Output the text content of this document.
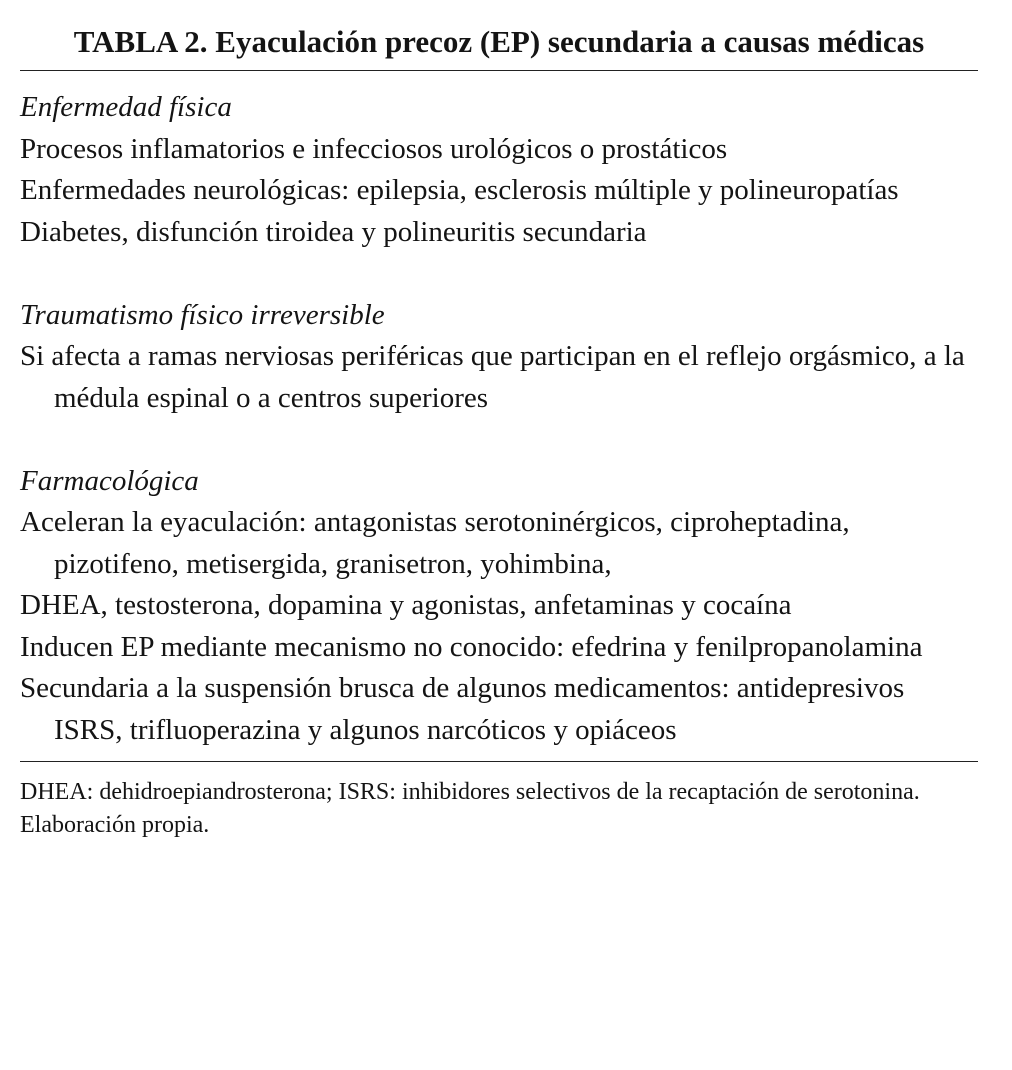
TABLA 2. Eyaculación precoz (EP) secundaria a causas médicas

Enfermedad física

Procesos inflamatorios e infecciosos urológicos o prostáticos

Enfermedades neurológicas: epilepsia, esclerosis múltiple y polineuropatías

Diabetes, disfunción tiroidea y polineuritis secundaria

Traumatismo físico irreversible

Si afecta a ramas nerviosas periféricas que participan en el reflejo orgásmico, a la médula espinal o a centros superiores

Farmacológica

Aceleran la eyaculación: antagonistas serotoninérgicos, ciproheptadina, pizotifeno, metisergida, granisetron, yohimbina,

DHEA, testosterona, dopamina y agonistas, anfetaminas y cocaína

Inducen EP mediante mecanismo no conocido: efedrina y fenilpropanolamina

Secundaria a la suspensión brusca de algunos medicamentos: antidepresivos ISRS, trifluoperazina y algunos narcóticos y opiáceos

DHEA: dehidroepiandrosterona; ISRS: inhibidores selectivos de la recaptación de serotonina.

Elaboración propia.
